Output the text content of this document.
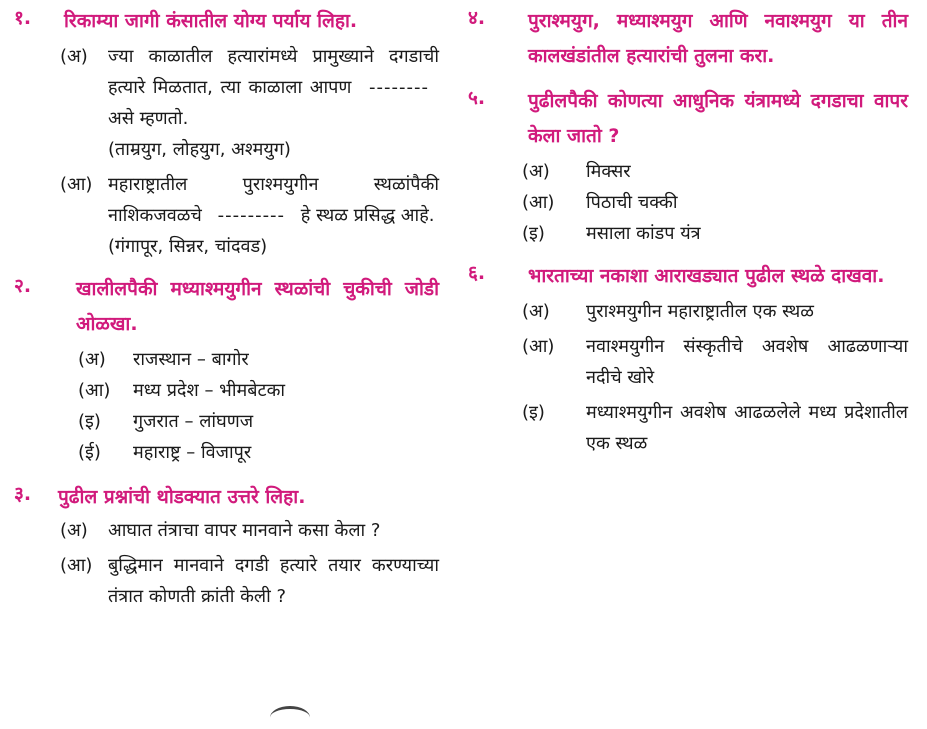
१. रिकाम्या जागी कंसातील योग्य पर्याय लिहा.
(अ) ज्या काळातील हत्यारांमध्ये प्रामुख्याने दगडाची हत्यारे मिळतात, त्या काळाला आपण -------- असे म्हणतो.
(ताम्रयुग, लोहयुग, अश्मयुग)
(आ) महाराष्ट्रातील पुराश्मयुगीन स्थळांपैकी नाशिकजवळचे --------- हे स्थळ प्रसिद्ध आहे.
(गंगापूर, सिन्नर, चांदवड)
२. खालीलपैकी मध्याश्मयुगीन स्थळांची चुकीची जोडी ओळखा.
(अ) राजस्थान – बागोर
(आ) मध्य प्रदेश – भीमबेटका
(इ) गुजरात – लांघणज
(ई) महाराष्ट्र – विजापूर
३. पुढील प्रश्नांची थोडक्यात उत्तरे लिहा.
(अ) आघात तंत्राचा वापर मानवाने कसा केला ?
(आ) बुद्धिमान मानवाने दगडी हत्यारे तयार करण्याच्या तंत्रात कोणती क्रांती केली ?
४. पुराश्मयुग, मध्याश्मयुग आणि नवाश्मयुग या तीन कालखंडांतील हत्यारांची तुलना करा.
५. पुढीलपैकी कोणत्या आधुनिक यंत्रामध्ये दगडाचा वापर केला जातो ?
(अ) मिक्सर
(आ) पिठाची चक्की
(इ) मसाला कांडप यंत्र
६. भारताच्या नकाशा आराखड्यात पुढील स्थळे दाखवा.
(अ) पुराश्मयुगीन महाराष्ट्रातील एक स्थळ
(आ) नवाश्मयुगीन संस्कृतीचे अवशेष आढळणाऱ्या नदीचे खोरे
(इ) मध्याश्मयुगीन अवशेष आढळलेले मध्य प्रदेशातील एक स्थळ
